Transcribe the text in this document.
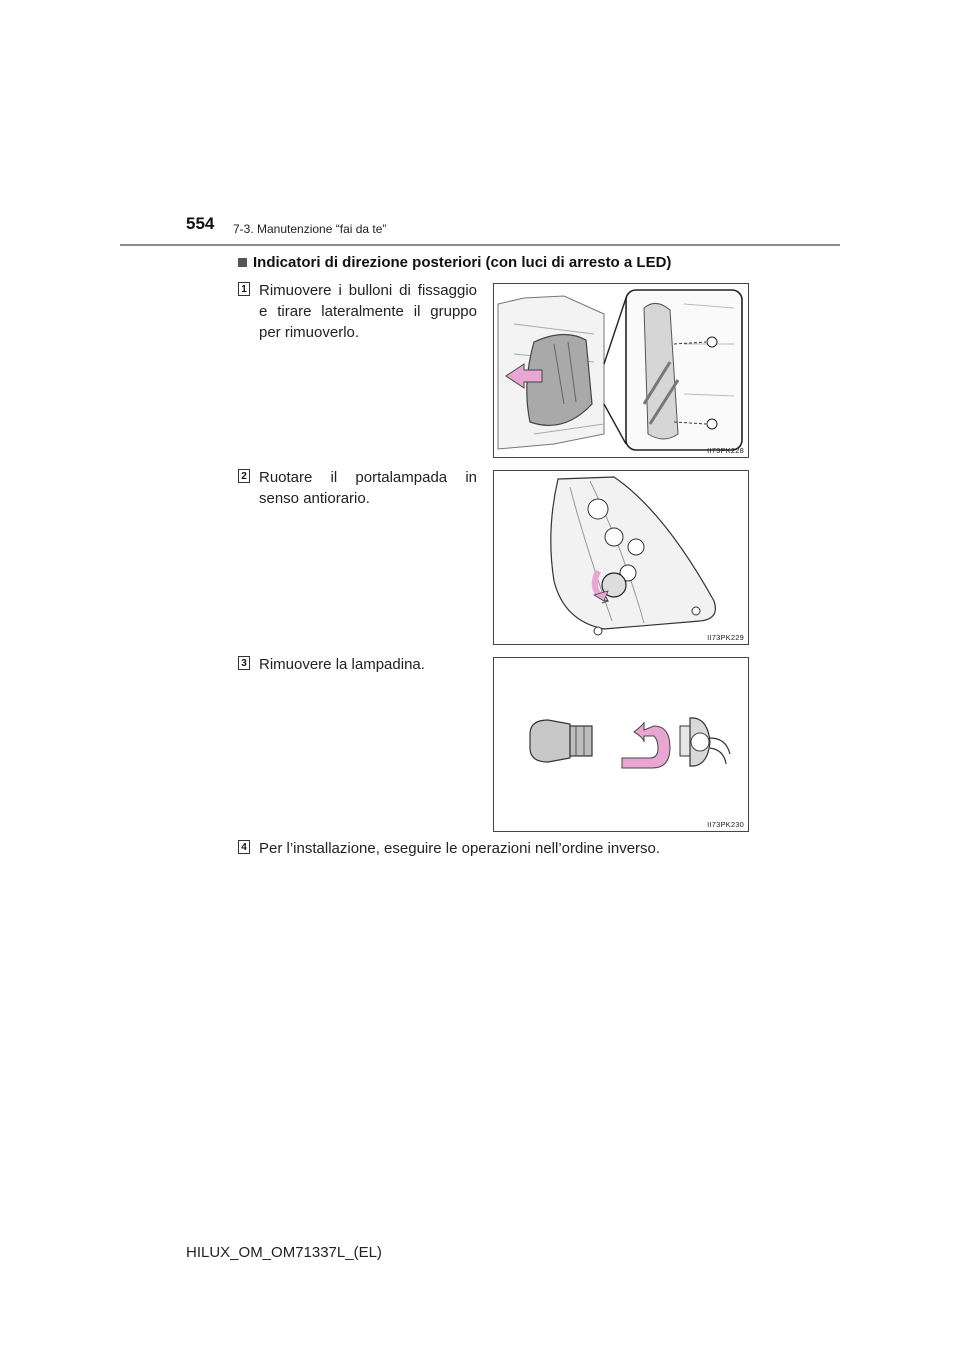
554 7-3. Manutenzione “fai da te”
Indicatori di direzione posteriori (con luci di arresto a LED)
1 Rimuovere i bulloni di fissaggio e tirare lateralmente il gruppo per rimuoverlo.
II73PK228
2 Ruotare il portalampada in senso antiorario.
II73PK229
3 Rimuovere la lampadina.
II73PK230
4 Per l’installazione, eseguire le operazioni nell’ordine inverso.
HILUX_OM_OM71337L_(EL)
